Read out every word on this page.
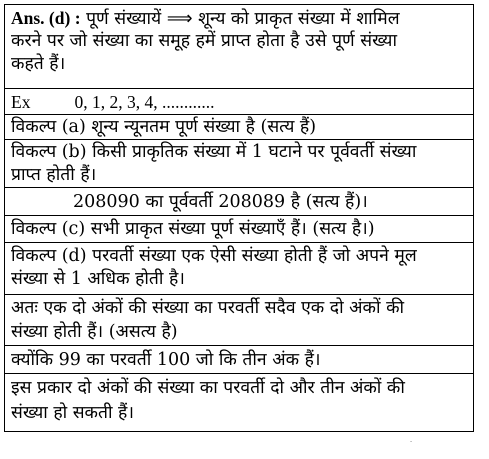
Ans. (d) : पूर्ण संख्यायें ⟹ शून्य को प्राकृत संख्या में शामिल
करने पर जो संख्या का समूह हमें प्राप्त होता है उसे पूर्ण संख्या
कहते हैं।
Ex	0, 1, 2, 3, 4, ............
विकल्प (a) शून्य न्यूनतम पूर्ण संख्या है (सत्य हैं)
विकल्प (b) किसी प्राकृतिक संख्या में 1 घटाने पर पूर्ववर्ती संख्या
प्राप्त होती हैं।
208090 का पूर्ववर्ती 208089 है (सत्य हैं)।
विकल्प (c) सभी प्राकृत संख्या पूर्ण संख्याएँ हैं। (सत्य है।)
विकल्प (d) परवर्ती संख्या एक ऐसी संख्या होती हैं जो अपने मूल
संख्या से 1 अधिक होती है।
अतः एक दो अंकों की संख्या का परवर्ती सदैव एक दो अंकों की
संख्या होती हैं। (असत्य है)
क्योंकि 99 का परवर्ती 100 जो कि तीन अंक हैं।
इस प्रकार दो अंकों की संख्या का परवर्ती दो और तीन अंकों की
संख्या हो सकती हैं।
-
